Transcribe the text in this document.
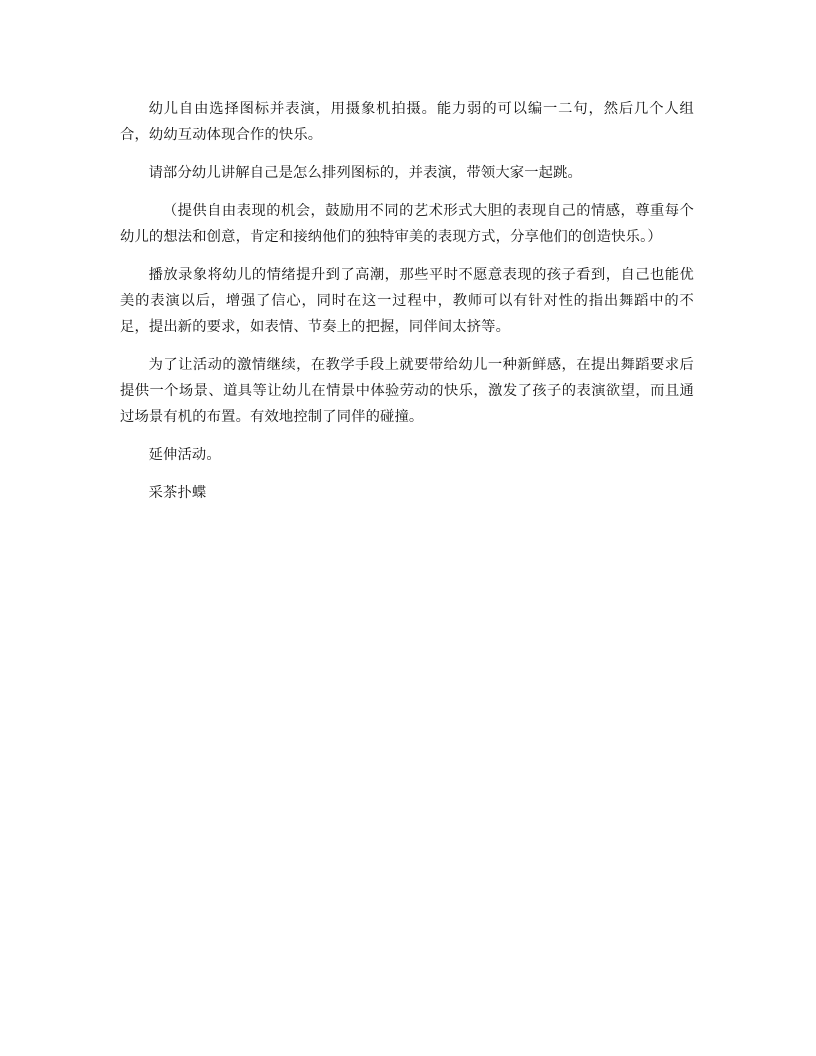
幼儿自由选择图标并表演，用摄象机拍摄。能力弱的可以编一二句，然后几个人组合，幼幼互动体现合作的快乐。

请部分幼儿讲解自己是怎么排列图标的，并表演，带领大家一起跳。

（提供自由表现的机会，鼓励用不同的艺术形式大胆的表现自己的情感，尊重每个幼儿的想法和创意，肯定和接纳他们的独特审美的表现方式，分享他们的创造快乐。）

播放录象将幼儿的情绪提升到了高潮，那些平时不愿意表现的孩子看到，自己也能优美的表演以后，增强了信心，同时在这一过程中，教师可以有针对性的指出舞蹈中的不足，提出新的要求，如表情、节奏上的把握，同伴间太挤等。

为了让活动的激情继续，在教学手段上就要带给幼儿一种新鲜感，在提出舞蹈要求后提供一个场景、道具等让幼儿在情景中体验劳动的快乐，激发了孩子的表演欲望，而且通过场景有机的布置。有效地控制了同伴的碰撞。

延伸活动。

采茶扑蝶
